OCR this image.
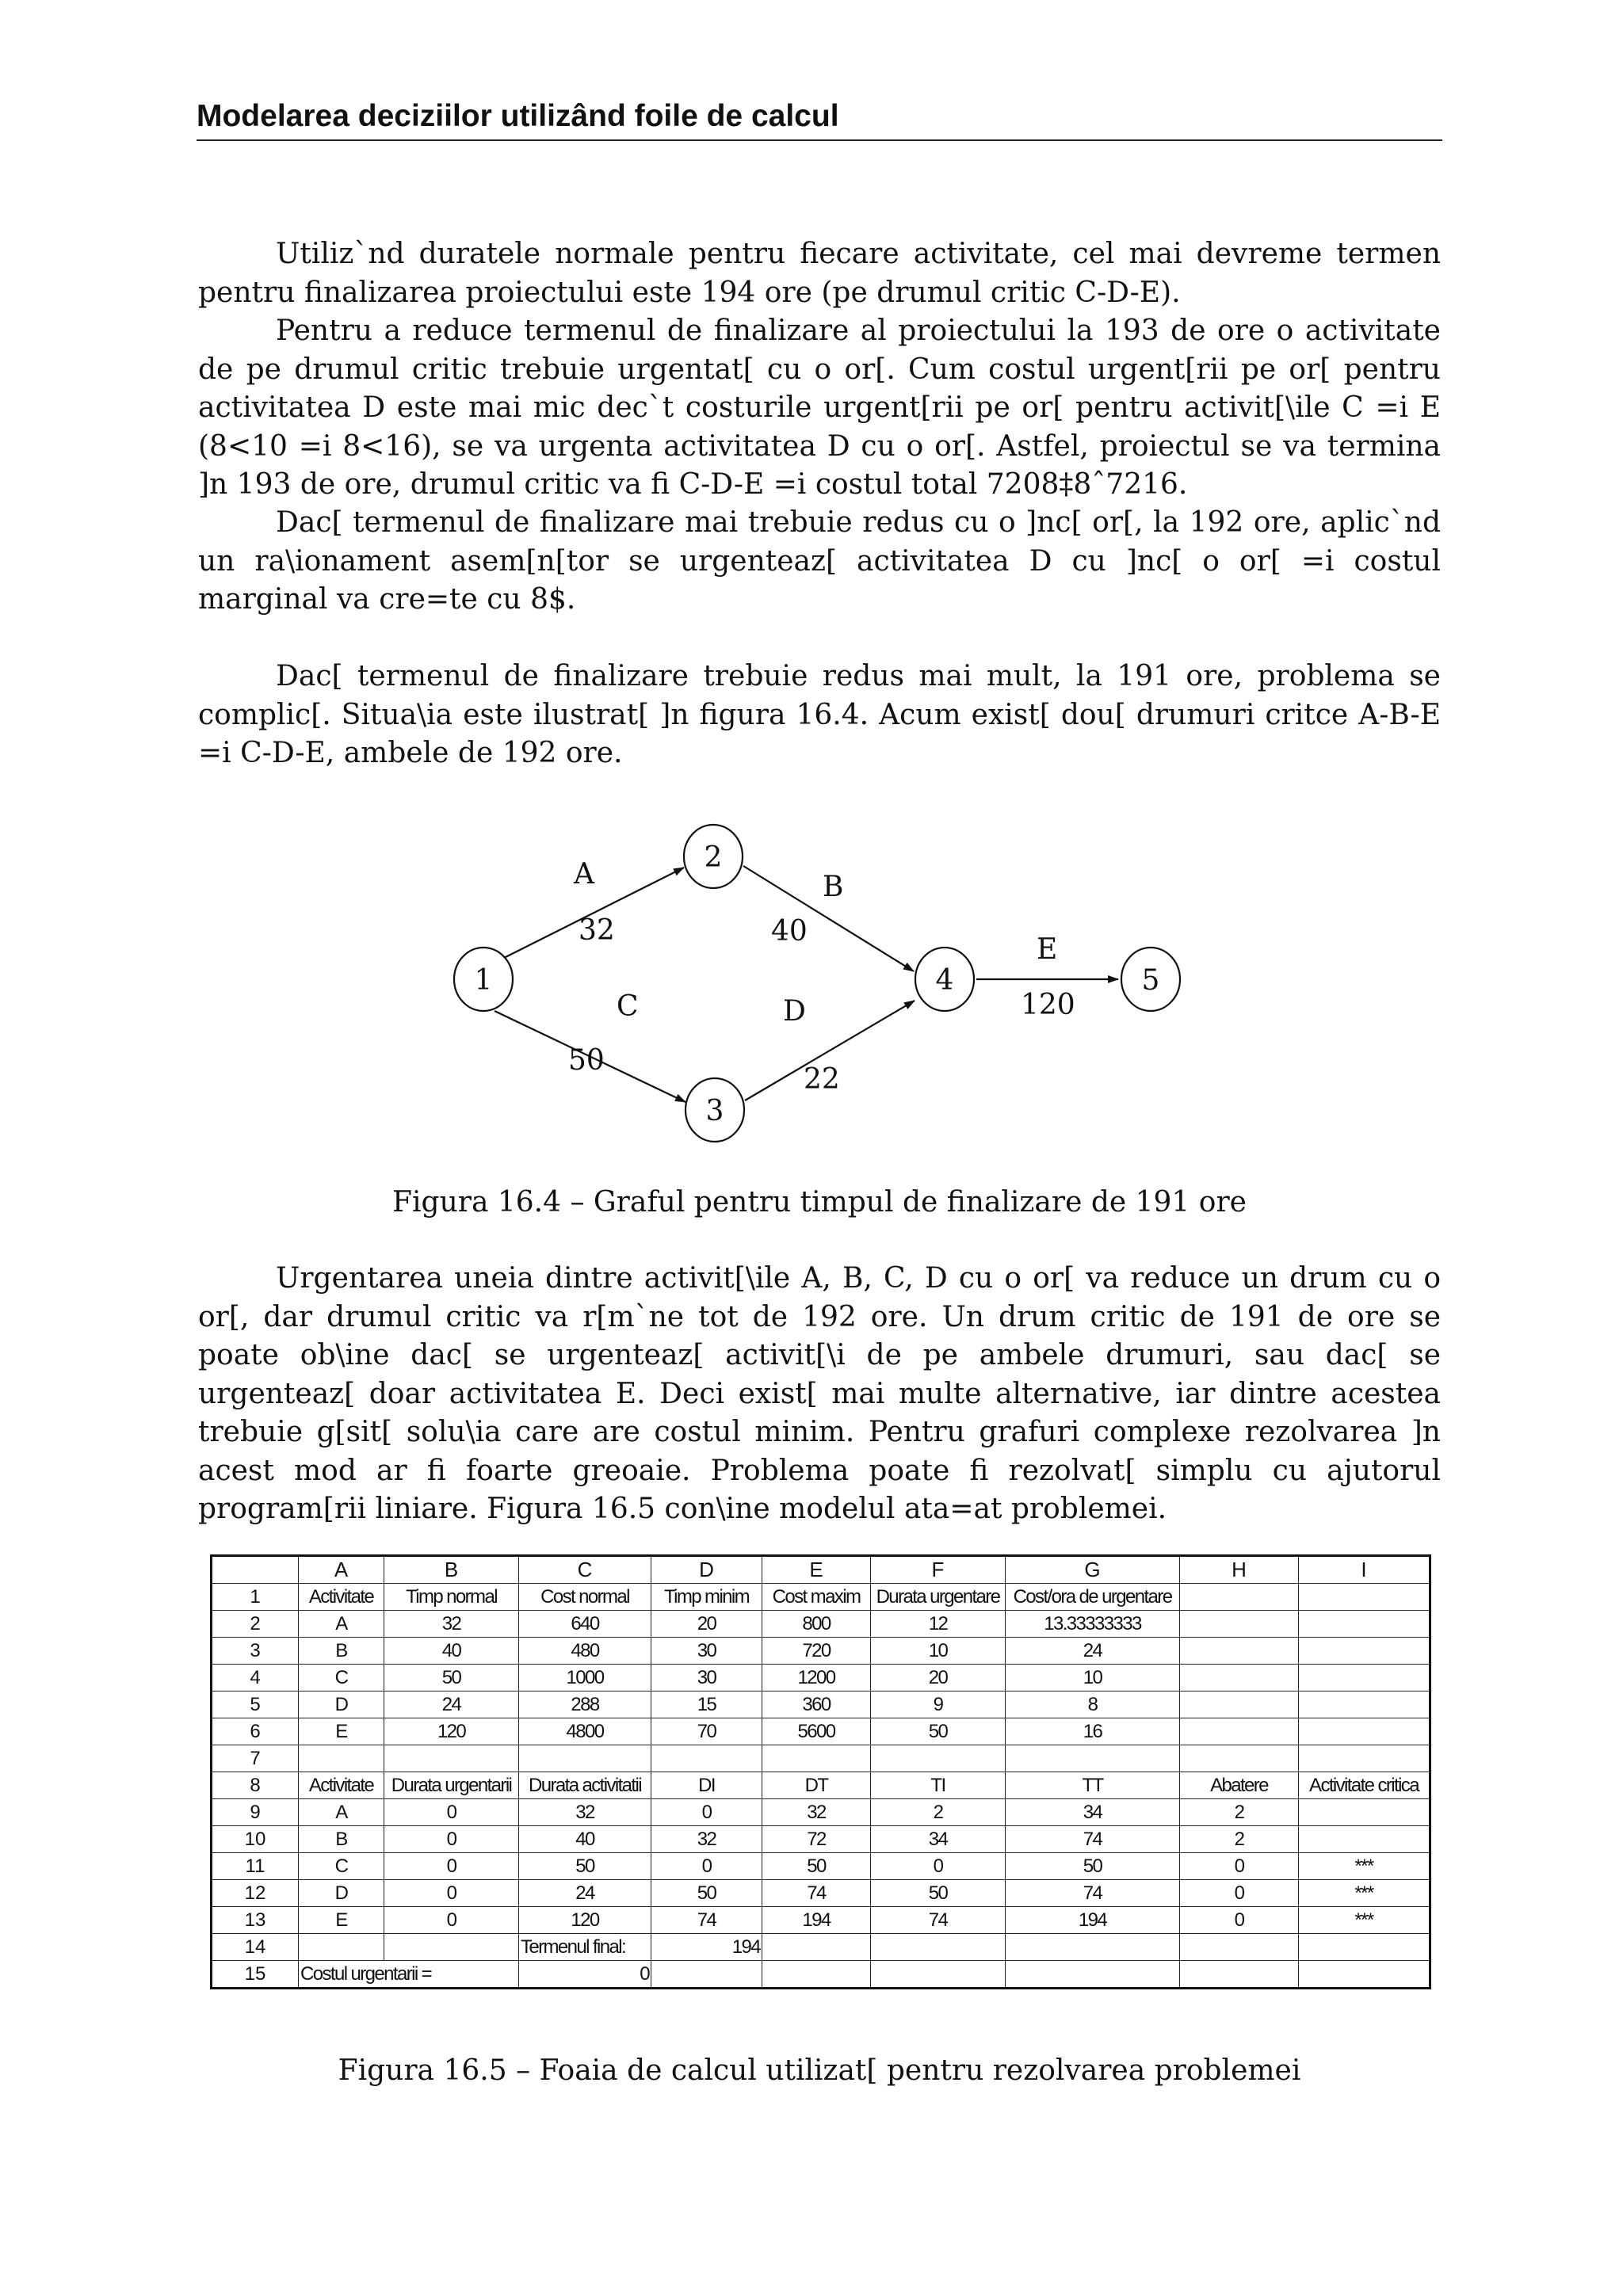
Modelarea deciziilor utilizând foile de calcul

Utiliz`nd duratele normale pentru fiecare activitate, cel mai devreme termen pentru finalizarea proiectului este 194 ore (pe drumul critic C-D-E).

Pentru a reduce termenul de finalizare al proiectului la 193 de ore o activitate de pe drumul critic trebuie urgentat[ cu o or[. Cum costul urgent[rii pe or[ pentru activitatea D este mai mic dec`t costurile urgent[rii pe or[ pentru activit[\ile C =i E (8<10 =i 8<16), se va urgenta activitatea D cu o or[. Astfel, proiectul se va termina ]n 193 de ore, drumul critic va fi C-D-E =i costul total 7208‡8ˆ7216.

Dac[ termenul de finalizare mai trebuie redus cu o ]nc[ or[, la 192 ore, aplic`nd un ra\ionament asem[n[tor se urgenteaz[ activitatea D cu ]nc[ o or[ =i costul marginal va cre=te cu 8$.

Dac[ termenul de finalizare trebuie redus mai mult, la 191 ore, problema se complic[. Situa\ia este ilustrat[ ]n figura 16.4. Acum exist[ dou[ drumuri critce A-B-E =i C-D-E, ambele de 192 ore.

1
2
3
4	5
A
32
B
40
C
50
D
22
E
120
Figura 16.4 – Graful pentru timpul de finalizare de 191 ore

Urgentarea uneia dintre activit[\ile A, B, C, D cu o or[ va reduce un drum cu o or[, dar drumul critic va r[m`ne tot de 192 ore. Un drum critic de 191 de ore se poate ob\ine dac[ se urgenteaz[ activit[\i de pe ambele drumuri, sau dac[ se urgenteaz[ doar activitatea E. Deci exist[ mai multe alternative, iar dintre acestea trebuie g[sit[ solu\ia care are costul minim. Pentru grafuri complexe rezolvarea ]n acest mod ar fi foarte greoaie. Problema poate fi rezolvat[ simplu cu ajutorul program[rii liniare. Figura 16.5 con\ine modelul ata=at problemei.

	A	B	C	D	E	F	G	H	I
1	Activitate	Timp normal	Cost normal	Timp minim	Cost maxim	Durata urgentare	Cost/ora de urgentare		
2	A	32	640	20	800	12	13.33333333		
3	B	40	480	30	720	10	24		
4	C	50	1000	30	1200	20	10		
5	D	24	288	15	360	9	8		
6	E	120	4800	70	5600	50	16		
7									
8	Activitate	Durata urgentarii	Durata activitatii	DI	DT	TI	TT	Abatere	Activitate critica
9	A	0	32	0	32	2	34	2	
10	B	0	40	32	72	34	74	2	
11	C	0	50	0	50	0	50	0	***
12	D	0	24	50	74	50	74	0	***
13	E	0	120	74	194	74	194	0	***
14			Termenul final:	194					
15	Costul urgentarii =		0						
Figura 16.5 – Foaia de calcul utilizat[ pentru rezolvarea problemei
